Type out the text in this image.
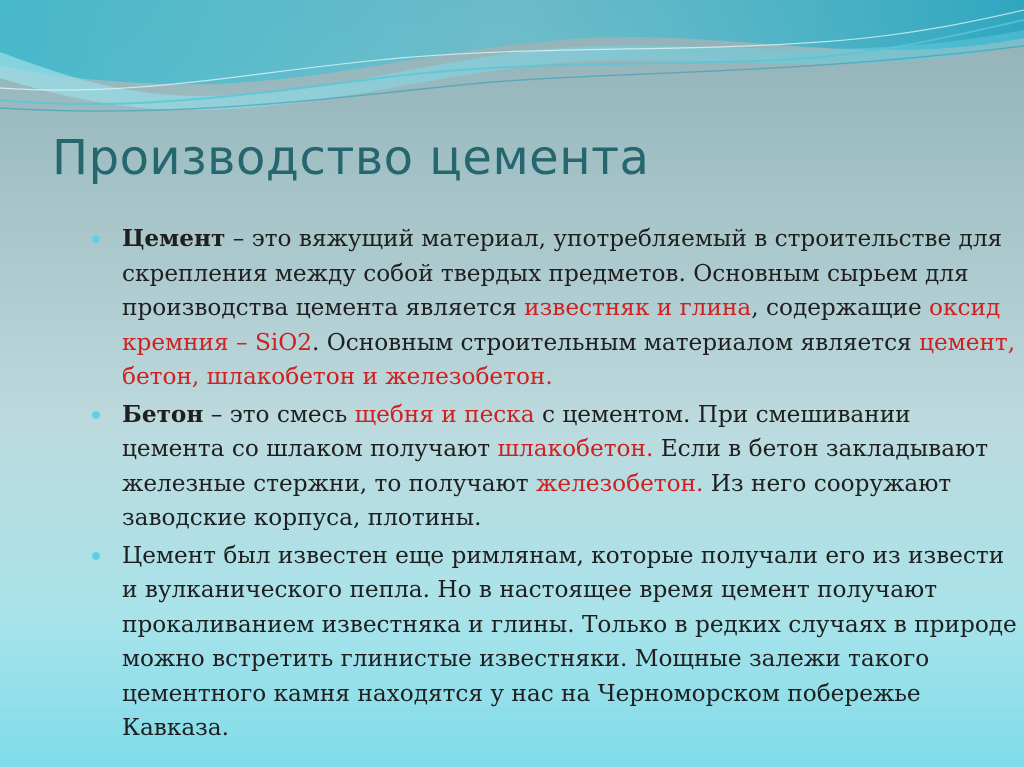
Производство цемента
Цемент – это вяжущий материал, употребляемый в строительстве для скрепления между собой твердых предметов. Основным сырьем для производства цемента является известняк и глина, содержащие оксид кремния – SiO2. Основным строительным материалом является цемент, бетон, шлакобетон и железобетон.
Бетон – это смесь щебня и песка с цементом. При смешивании цемента со шлаком получают шлакобетон. Если в бетон закладывают железные стержни, то получают железобетон. Из него сооружают заводские корпуса, плотины.
Цемент был известен еще римлянам, которые получали его из извести и вулканического пепла. Но в настоящее время цемент получают прокаливанием известняка и глины. Только в редких случаях в природе можно встретить глинистые известняки. Мощные залежи такого цементного камня находятся у нас на Черноморском побережье Кавказа.
